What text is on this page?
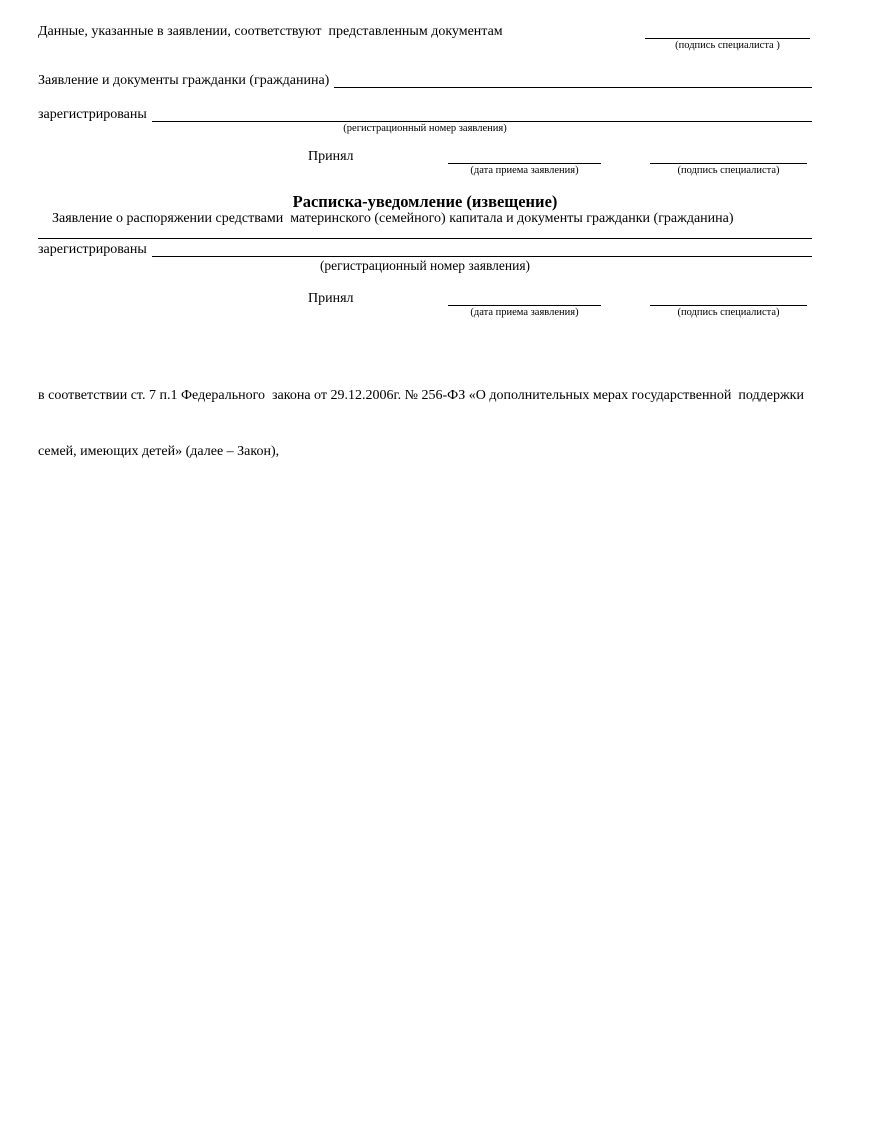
Данные, указанные в заявлении, соответствуют  представленным документам
(подпись специалиста )
Заявление и документы гражданки (гражданина)
зарегистрированы
(регистрационный номер заявления)
Принял
(дата приема заявления)	(подпись специалиста)
Расписка-уведомление (извещение)
Заявление о распоряжении средствами  материнского (семейного) капитала и документы гражданки (гражданина)
зарегистрированы
(регистрационный номер заявления)
Принял
(дата приема заявления)	(подпись специалиста)

в соответствии ст. 7 п.1 Федерального  закона от 29.12.2006г. № 256-ФЗ «О дополнительных мерах государственной  поддержки

семей, имеющих детей» (далее – Закон),
